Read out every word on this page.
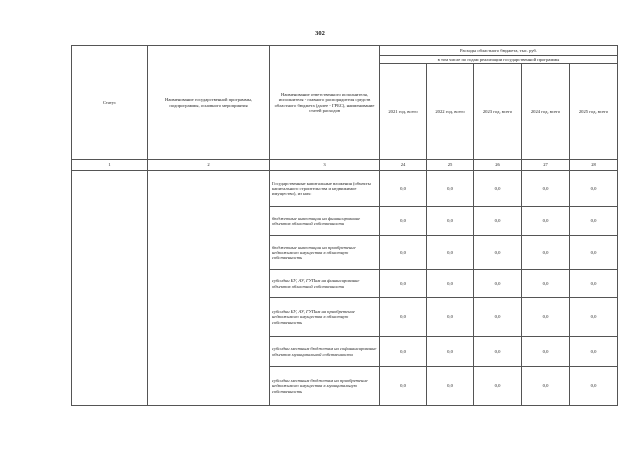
302
Статус	Наименование государственной программы, подпрограммы, основного мероприятия	Наименование ответственного исполнителя, исполнителя - главного распорядителя средств областного бюджета (далее - ГРБС), наименование статей расходов	Расходы областного бюджета, тыс. руб.				
			в том числе по годам реализации государственной программы				
			2021 год, всего	2022 год, всего	2023 год, всего	2024 год, всего	2025 год, всего
1	2	3	24	25	26	27	28
		Государственные капитальные вложения (объекты капитального строительства и недвижимое имущество), из них:	0,0	0,0	0,0	0,0	0,0
		бюджетные инвестиции на финансирование объектов областной собственности	0,0	0,0	0,0	0,0	0,0
		бюджетные инвестиции на приобретение недвижимого имущества в областную собственность	0,0	0,0	0,0	0,0	0,0
		субсидии БУ, АУ, ГУПам на финансирование объектов областной собственности	0,0	0,0	0,0	0,0	0,0
		субсидии БУ, АУ, ГУПам на приобретение недвижимого имущества в областную собственность	0,0	0,0	0,0	0,0	0,0
		субсидии местным бюджетам на софинансирование объектов муниципальной собственности	0,0	0,0	0,0	0,0	0,0
		субсидии местным бюджетам на приобретение недвижимого имущества в муниципальную собственность	0,0	0,0	0,0	0,0	0,0
